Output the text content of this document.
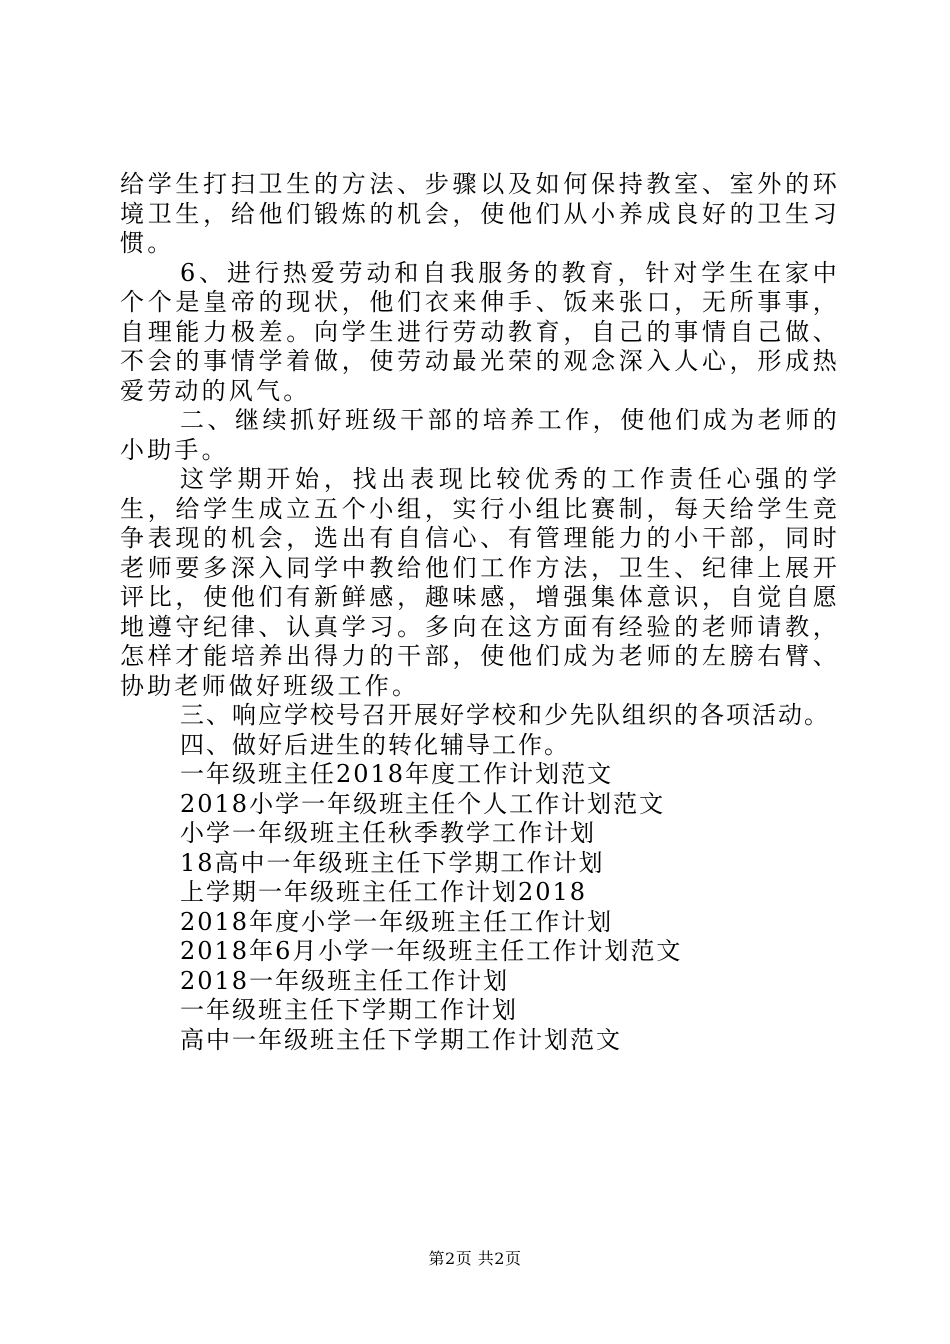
给学生打扫卫生的方法、步骤以及如何保持教室、室外的环境卫生，给他们锻炼的机会，使他们从小养成良好的卫生习惯。

6、进行热爱劳动和自我服务的教育，针对学生在家中个个是皇帝的现状，他们衣来伸手、饭来张口，无所事事，自理能力极差。向学生进行劳动教育，自己的事情自己做、不会的事情学着做，使劳动最光荣的观念深入人心，形成热爱劳动的风气。

二、继续抓好班级干部的培养工作，使他们成为老师的小助手。

这学期开始，找出表现比较优秀的工作责任心强的学生，给学生成立五个小组，实行小组比赛制，每天给学生竞争表现的机会，选出有自信心、有管理能力的小干部，同时老师要多深入同学中教给他们工作方法，卫生、纪律上展开评比，使他们有新鲜感，趣味感，增强集体意识，自觉自愿地遵守纪律、认真学习。多向在这方面有经验的老师请教，怎样才能培养出得力的干部，使他们成为老师的左膀右臂、协助老师做好班级工作。

三、响应学校号召开展好学校和少先队组织的各项活动。
四、做好后进生的转化辅导工作。
一年级班主任2018年度工作计划范文
2018小学一年级班主任个人工作计划范文
小学一年级班主任秋季教学工作计划
18高中一年级班主任下学期工作计划
上学期一年级班主任工作计划2018
2018年度小学一年级班主任工作计划
2018年6月小学一年级班主任工作计划范文
2018一年级班主任工作计划
一年级班主任下学期工作计划
高中一年级班主任下学期工作计划范文
第2页 共2页
